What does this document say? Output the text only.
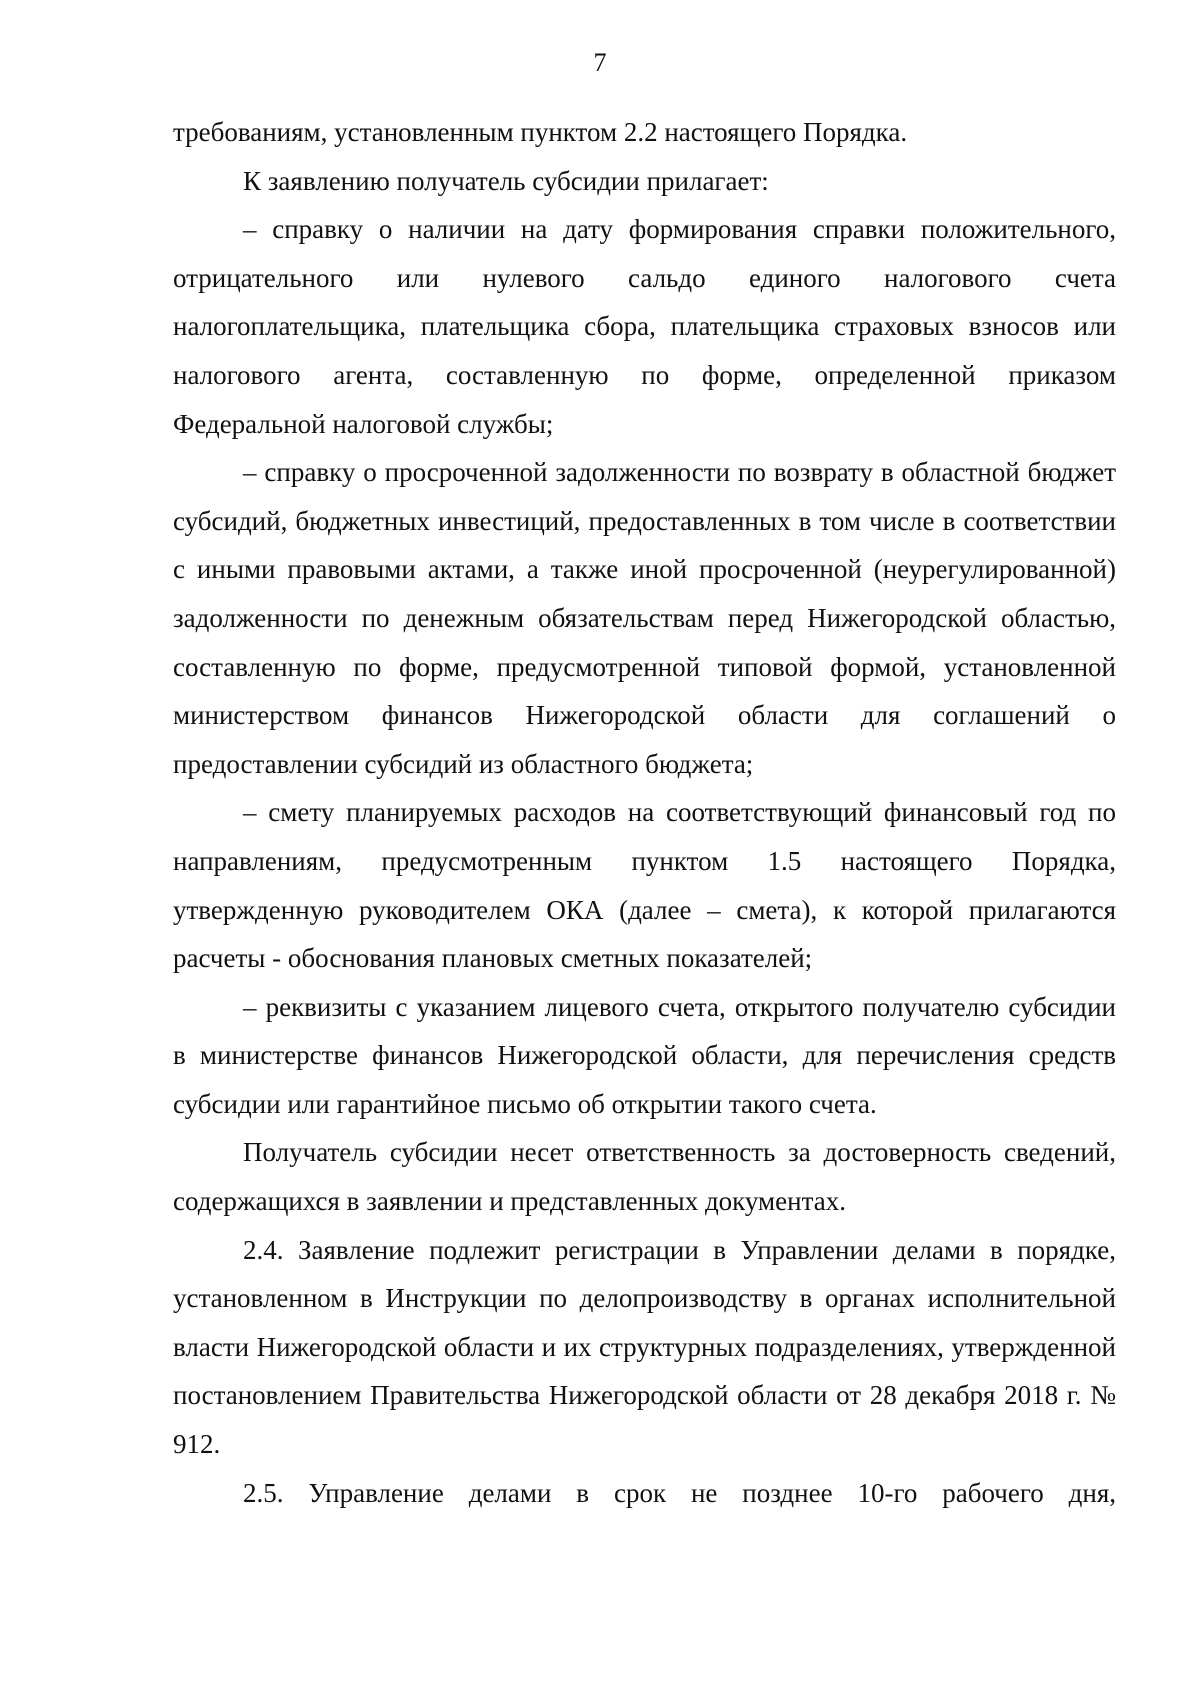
7

требованиям, установленным пунктом 2.2 настоящего Порядка.

К заявлению получатель субсидии прилагает:

– справку о наличии на дату формирования справки положительного, отрицательного или нулевого сальдо единого налогового счета налогоплательщика, плательщика сбора, плательщика страховых взносов или налогового агента, составленную по форме, определенной приказом Федеральной налоговой службы;

– справку о просроченной задолженности по возврату в областной бюджет субсидий, бюджетных инвестиций, предоставленных в том числе в соответствии с иными правовыми актами, а также иной просроченной (неурегулированной) задолженности по денежным обязательствам перед Нижегородской областью, составленную по форме, предусмотренной типовой формой, установленной министерством финансов Нижегородской области для соглашений о предоставлении субсидий из областного бюджета;

– смету планируемых расходов на соответствующий финансовый год по направлениям, предусмотренным пунктом 1.5 настоящего Порядка, утвержденную руководителем ОКА (далее – смета), к которой прилагаются расчеты - обоснования плановых сметных показателей;

– реквизиты с указанием лицевого счета, открытого получателю субсидии в министерстве финансов Нижегородской области, для перечисления средств субсидии или гарантийное письмо об открытии такого счета.

Получатель субсидии несет ответственность за достоверность сведений, содержащихся в заявлении и представленных документах.

2.4. Заявление подлежит регистрации в Управлении делами в порядке, установленном в Инструкции по делопроизводству в органах исполнительной власти Нижегородской области и их структурных подразделениях, утвержденной постановлением Правительства Нижегородской области от 28 декабря 2018 г. № 912.

2.5. Управление делами в срок не позднее 10-го рабочего дня,
